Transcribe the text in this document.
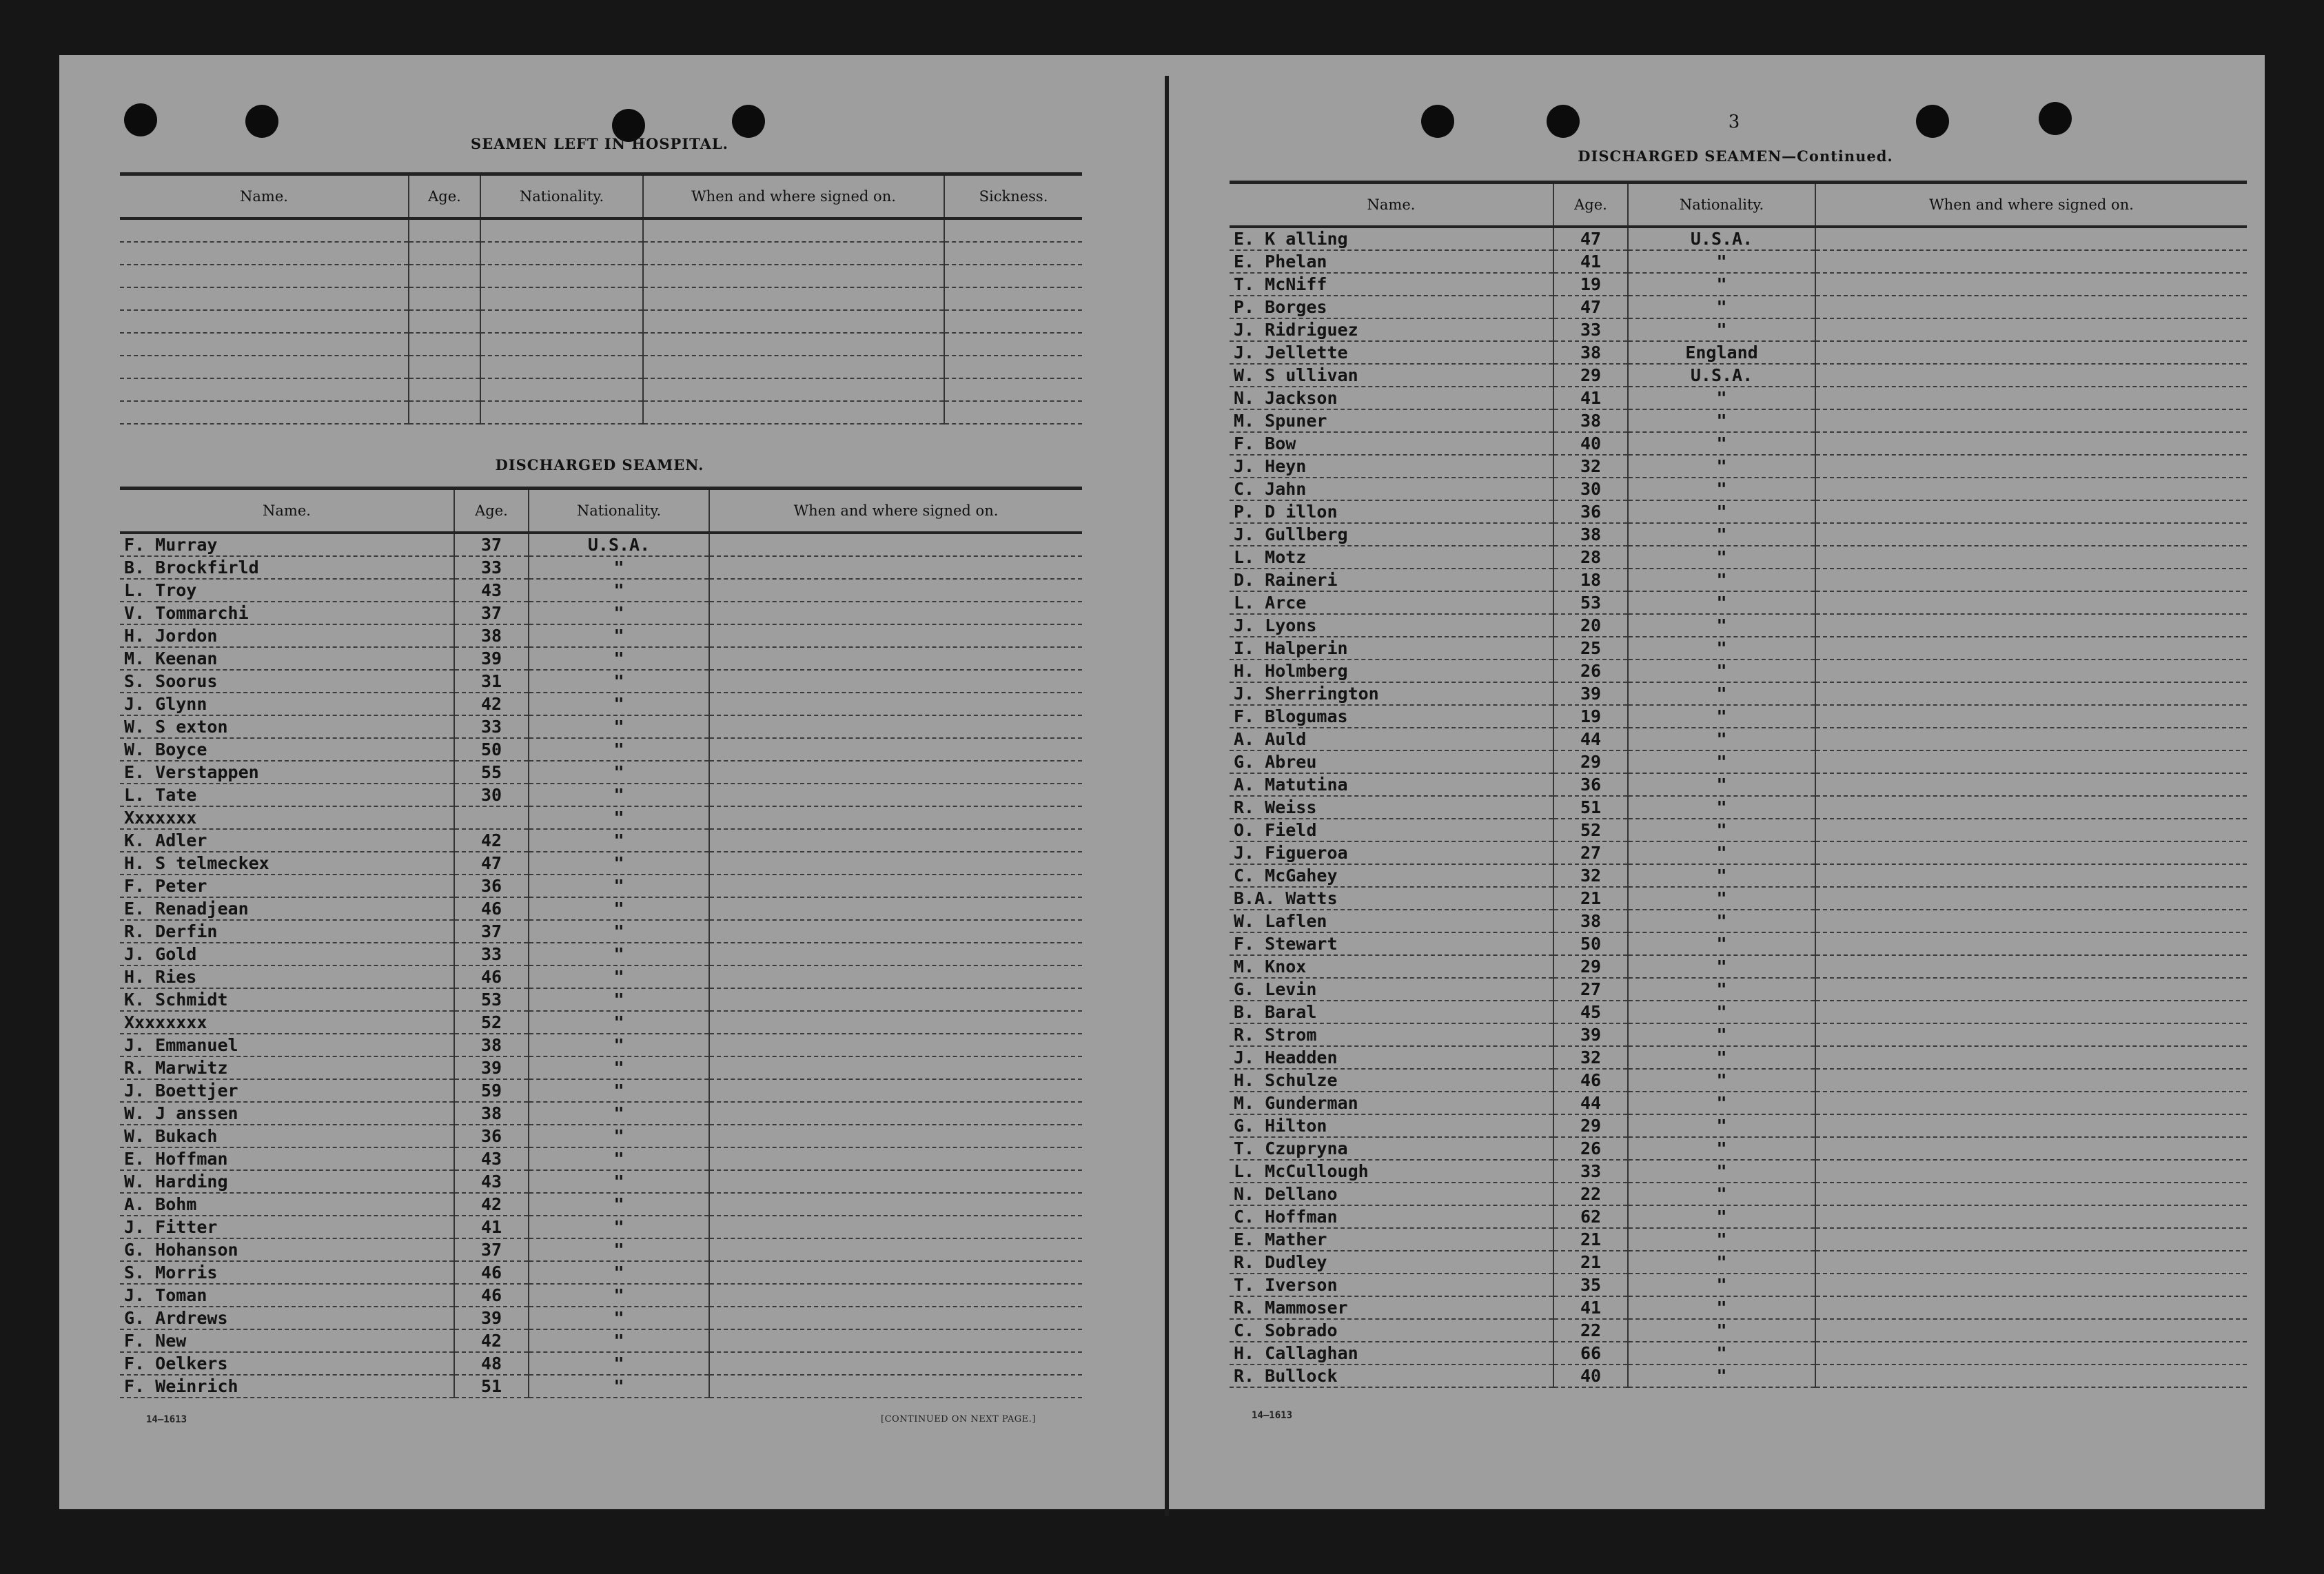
SEAMEN LEFT IN HOSPITAL.
Name.	Age.	Nationality.	When and where signed on.	Sickness.

DISCHARGED SEAMEN.
Name.	Age.	Nationality.	When and where signed on.
F. Murray	37	U.S.A.	
B. Brockfirld	33	"	
L. Troy	43	"	
V. Tommarchi	37	"	
H. Jordon	38	"	
M. Keenan	39	"	
S. Soorus	31	"	
J. Glynn	42	"	
W. S exton	33	"	
W. Boyce	50	"	
E. Verstappen	55	"	
L. Tate	30	"	
Xxxxxxx		"	
K. Adler	42	"	
H. S telmeckex	47	"	
F. Peter	36	"	
E. Renadjean	46	"	
R. Derfin	37	"	
J. Gold	33	"	
H. Ries	46	"	
K. Schmidt	53	"	
Xxxxxxxx	52	"	
J. Emmanuel	38	"	
R. Marwitz	39	"	
J. Boettjer	59	"	
W. J anssen	38	"	
W. Bukach	36	"	
E. Hoffman	43	"	
W. Harding	43	"	
A. Bohm	42	"	
J. Fitter	41	"	
G. Hohanson	37	"	
S. Morris	46	"	
J. Toman	46	"	
G. Ardrews	39	"	
F. New	42	"	
F. Oelkers	48	"	
F. Weinrich	51	"	
14—1613	[CONTINUED ON NEXT PAGE.]
3
DISCHARGED SEAMEN—Continued.
Name.	Age.	Nationality.	When and where signed on.
E. K alling	47	U.S.A.	
E. Phelan	41	"	
T. McNiff	19	"	
P. Borges	47	"	
J. Ridriguez	33	"	
J. Jellette	38	England	
W. S ullivan	29	U.S.A.	
N. Jackson	41	"	
M. Spuner	38	"	
F. Bow	40	"	
J. Heyn	32	"	
C. Jahn	30	"	
P. D illon	36	"	
J. Gullberg	38	"	
L. Motz	28	"	
D. Raineri	18	"	
L. Arce	53	"	
J. Lyons	20	"	
I. Halperin	25	"	
H. Holmberg	26	"	
J. Sherrington	39	"	
F. Blogumas	19	"	
A. Auld	44	"	
G. Abreu	29	"	
A. Matutina	36	"	
R. Weiss	51	"	
O. Field	52	"	
J. Figueroa	27	"	
C. McGahey	32	"	
B.A. Watts	21	"	
W. Laflen	38	"	
F. Stewart	50	"	
M. Knox	29	"	
G. Levin	27	"	
B. Baral	45	"	
R. Strom	39	"	
J. Headden	32	"	
H. Schulze	46	"	
M. Gunderman	44	"	
G. Hilton	29	"	
T. Czupryna	26	"	
L. McCullough	33	"	
N. Dellano	22	"	
C. Hoffman	62	"	
E. Mather	21	"	
R. Dudley	21	"	
T. Iverson	35	"	
R. Mammoser	41	"	
C. Sobrado	22	"	
H. Callaghan	66	"	
R. Bullock	40	"	
14—1613
